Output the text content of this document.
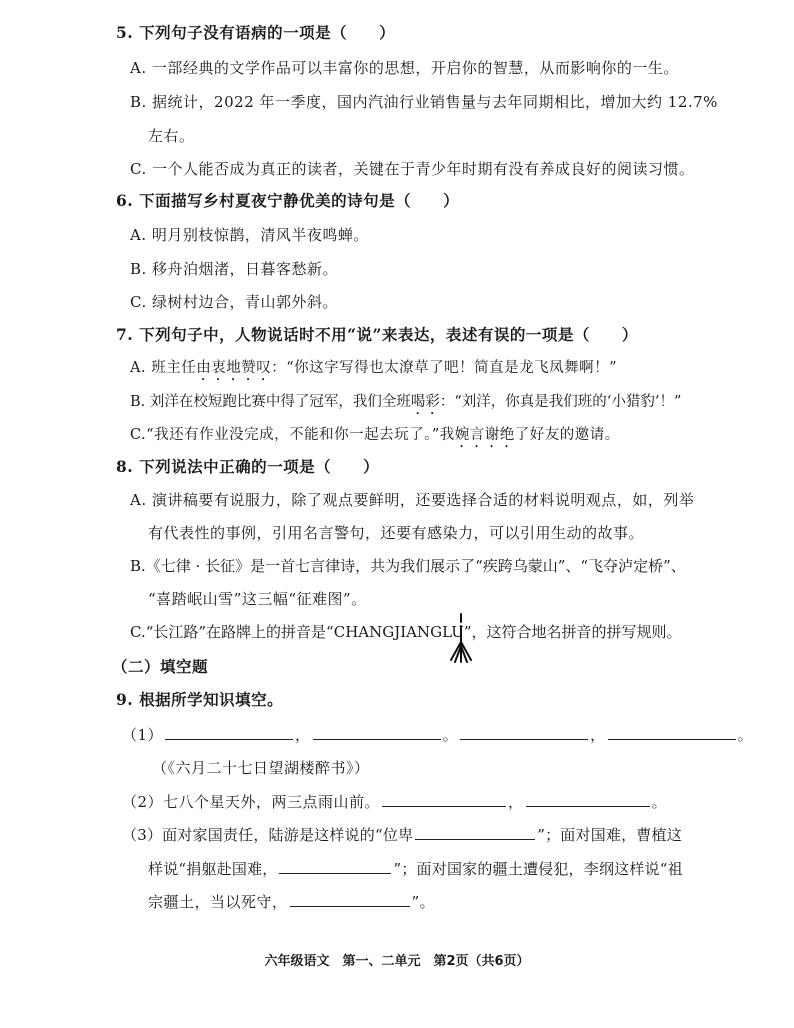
5. 下列句子没有语病的一项是（　　）
A. 一部经典的文学作品可以丰富你的思想，开启你的智慧，从而影响你的一生。
B. 据统计，2022 年一季度，国内汽油行业销售量与去年同期相比，增加大约 12.7%
左右。
C. 一个人能否成为真正的读者，关键在于青少年时期有没有养成良好的阅读习惯。
6. 下面描写乡村夏夜宁静优美的诗句是（　　）
A. 明月别枝惊鹊，清风半夜鸣蝉。
B. 移舟泊烟渚，日暮客愁新。
C. 绿树村边合，青山郭外斜。
7. 下列句子中，人物说话时不用“说”来表达，表述有误的一项是（　　）
A. 班主任由衷地赞叹：“你这字写得也太潦草了吧！简直是龙飞凤舞啊！”
B. 刘洋在校短跑比赛中得了冠军，我们全班喝彩：“刘洋，你真是我们班的‘小猎豹’！”
C.“我还有作业没完成，不能和你一起去玩了。”我婉言谢绝了好友的邀请。
8. 下列说法中正确的一项是（　　）
A. 演讲稿要有说服力，除了观点要鲜明，还要选择合适的材料说明观点，如，列举
有代表性的事例，引用名言警句，还要有感染力，可以引用生动的故事。
B.《七律 · 长征》是一首七言律诗，共为我们展示了“疾跨乌蒙山”、“飞夺泸定桥”、
“喜踏岷山雪”这三幅“征难图”。
C.“长江路”在路牌上的拼音是“CHANGJIANGLU”，这符合地名拼音的拼写规则。
（二）填空题
9. 根据所学知识填空。
（1）	，	。	，	。
（《六月二十七日望湖楼醉书》）
（2）七八个星天外，两三点雨山前。	，	。
（3）面对家国责任，陆游是这样说的“位卑	”；面对国难，曹植这
样说“捐躯赴国难，	”；面对国家的疆土遭侵犯，李纲这样说“祖
宗疆土，当以死守，	”。
六年级语文　第一、二单元　第2页（共6页）
